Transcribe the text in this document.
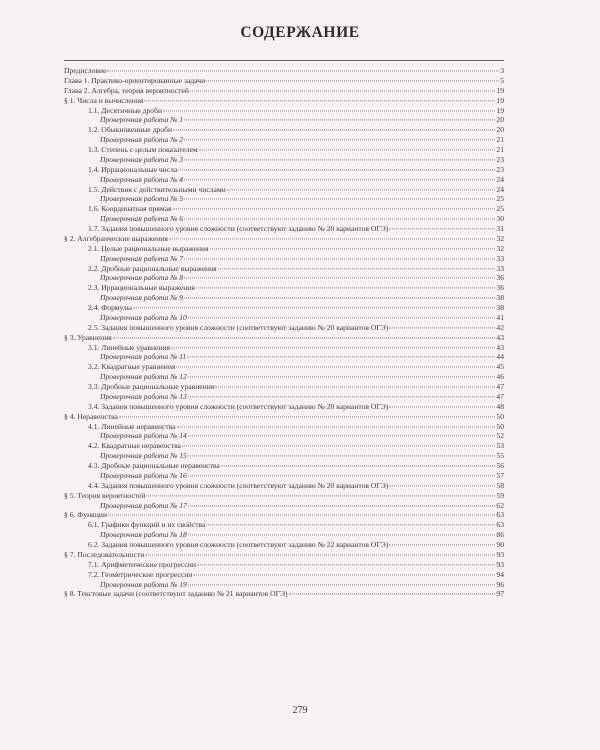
СОДЕРЖАНИЕ
Предисловие	3
Глава 1. Практико-ориентированные задачи	5
Глава 2. Алгебра, теория вероятностей	19
§ 1. Числа и вычисления	19
1.1. Десятичные дроби	19
Проверочная работа № 1	20
1.2. Обыкновенные дроби	20
Проверочная работа № 2	21
1.3. Степень с целым показателем	21
Проверочная работа № 3	23
1.4. Иррациональные числа	23
Проверочная работа № 4	24
1.5. Действия с действительными числами	24
Проверочная работа № 5	25
1.6. Координатная прямая	25
Проверочная работа № 6	30
1.7. Задания повышенного уровня сложности (соответствуют заданию № 20 вариантов ОГЭ)	31
§ 2. Алгебраические выражения	32
2.1. Целые рациональные выражения	32
Проверочная работа № 7	33
2.2. Дробные рациональные выражения	33
Проверочная работа № 8	36
2.3. Иррациональные выражения	36
Проверочная работа № 9	38
2.4. Формулы	38
Проверочная работа № 10	41
2.5. Задания повышенного уровня сложности (соответствуют заданию № 20 вариантов ОГЭ)	42
§ 3. Уравнения	43
3.1. Линейные уравнения	43
Проверочная работа № 11	44
3.2. Квадратные уравнения	45
Проверочная работа № 12	46
3.3. Дробные рациональные уравнения	47
Проверочная работа № 13	47
3.4. Задания повышенного уровня сложности (соответствуют заданию № 20 вариантов ОГЭ)	48
§ 4. Неравенства	50
4.1. Линейные неравенства	50
Проверочная работа № 14	52
4.2. Квадратные неравенства	53
Проверочная работа № 15	55
4.3. Дробные рациональные неравенства	56
Проверочная работа № 16	57
4.4. Задания повышенного уровня сложности (соответствуют заданию № 20 вариантов ОГЭ)	58
§ 5. Теория вероятностей	59
Проверочная работа № 17	62
§ 6. Функции	63
6.1. Графики функций и их свойства	63
Проверочная работа № 18	86
6.2. Задания повышенного уровня сложности (соответствуют заданию № 22 вариантов ОГЭ)	90
§ 7. Последовательности	93
7.1. Арифметические прогрессии	93
7.2. Геометрические прогрессии	94
Проверочная работа № 19	96
§ 8. Текстовые задачи (соответствуют заданию № 21 вариантов ОГЭ)	97
279
